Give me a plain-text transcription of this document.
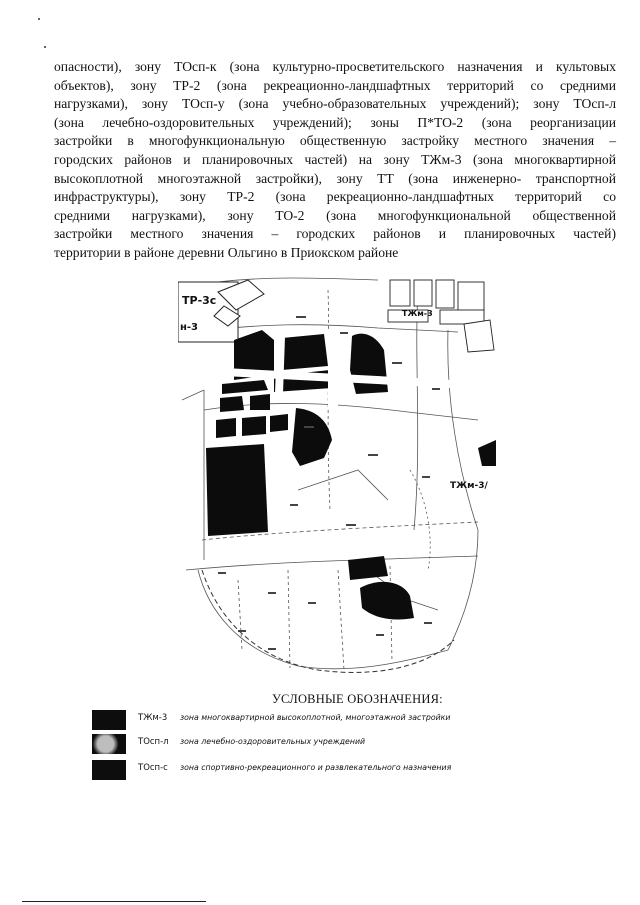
опасности), зону ТОсп-к (зона культурно-просветительского назначения и культовых
объектов), зону ТР-2 (зона рекреационно-ландшафтных территорий со средними
нагрузками), зону ТОсп-у (зона учебно-образовательных учреждений); зону ТОсп-л
(зона лечебно-оздоровительных учреждений); зоны П*ТО-2 (зона реорганизации
застройки в многофункциональную общественную застройку местного значения –
городских районов и планировочных частей) на зону ТЖм-3 (зона многоквартирной
высокоплотной многоэтажной застройки), зону ТТ (зона инженерно- транспортной
инфраструктуры), зону ТР-2 (зона рекреационно-ландшафтных территорий со
средними нагрузками), зону ТО-2 (зона многофункциональной общественной
застройки местного значения – городских районов и планировочных частей)
территории в районе деревни Ольгино в Приокском районе
ТР-3с
н-3
ТЖм-3
ТЖм-3/
УСЛОВНЫЕ ОБОЗНАЧЕНИЯ:
ТЖм-3 зона многоквартирной высокоплотной, многоэтажной застройки
ТОсп-л зона лечебно-оздоровительных учреждений
ТОсп-с зона спортивно-рекреационного и развлекательного назначения
